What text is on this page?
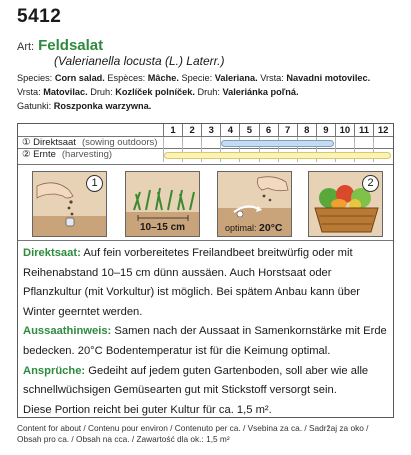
5412
Art: Feldsalat
(Valerianella locusta (L.) Laterr.)
Species: Corn salad. Espèces: Mâche. Specie: Valeriana. Vrsta: Navadni motovilec.
Vrsta: Matovilac. Druh: Kozlíček polníček. Druh: Valeriánka poľná.
Gatunki: Roszponka warzywna.
1	2	3	4	5	6	7	8	9	10 11 12
① Direktsaat (sowing outdoors)
② Ernte (harvesting)
1
10–15 cm	optimal: 20°C
2
Direktsaat: Auf fein vorbereitetes Freilandbeet breitwürfig oder mit Reihenabstand 10–15 cm dünn aussäen. Auch Horstsaat oder Pflanzkultur (mit Vorkultur) ist möglich. Bei spätem Anbau kann über Winter geerntet werden.
Aussaathinweis: Samen nach der Aussaat in Samenkornstärke mit Erde bedecken. 20°C Bodentemperatur ist für die Keimung optimal.
Ansprüche: Gedeiht auf jedem guten Gartenboden, soll aber wie alle schnellwüchsigen Gemüsearten gut mit Stickstoff versorgt sein.
Diese Portion reicht bei guter Kultur für ca. 1,5 m².
Content for about / Contenu pour environ / Contenuto per ca. / Vsebina za ca. / Sadržaj za oko /
Obsah pro ca. / Obsah na cca. / Zawartość dla ok.: 1,5 m²
